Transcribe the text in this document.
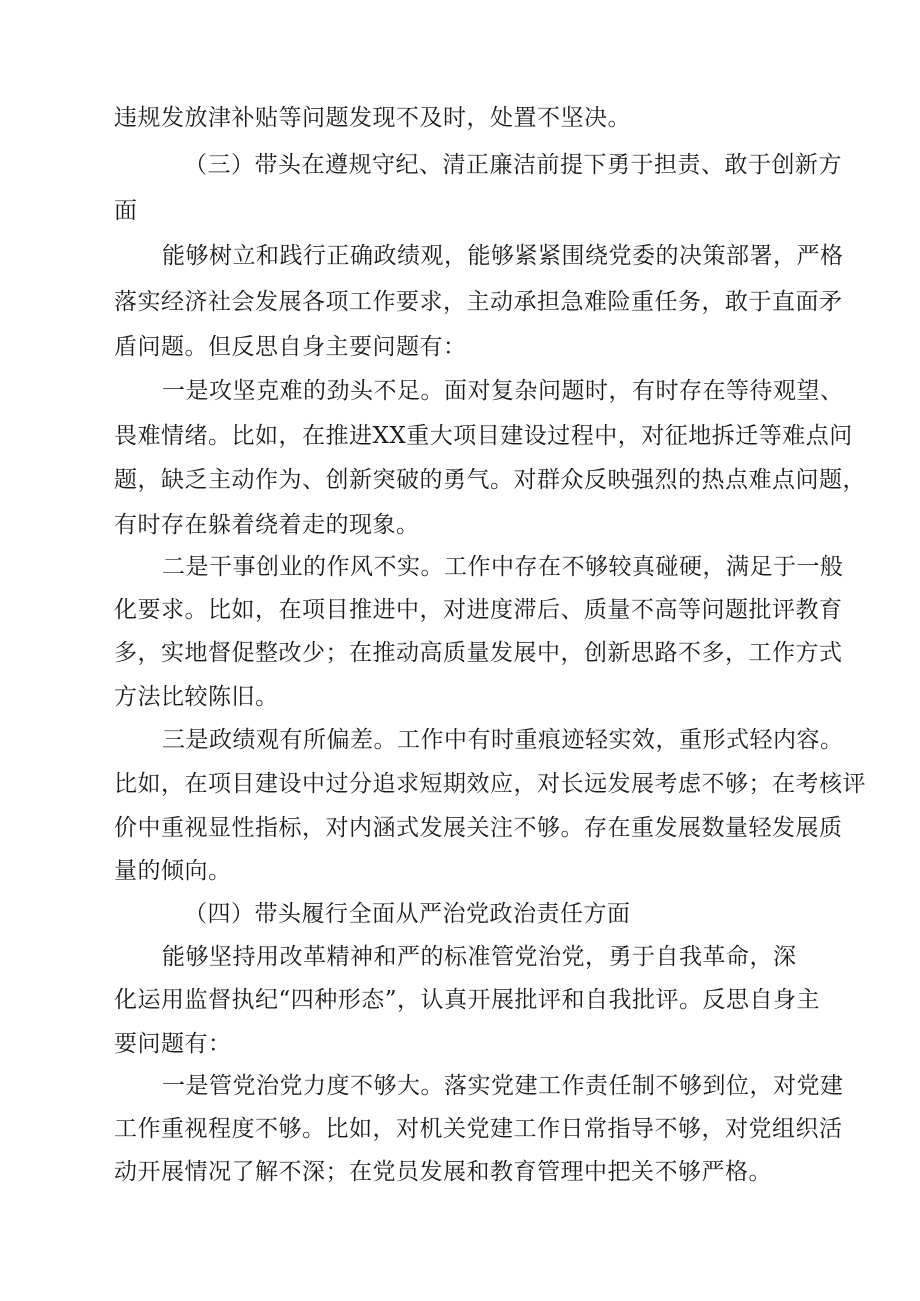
违规发放津补贴等问题发现不及时，处置不坚决。
（三）带头在遵规守纪、清正廉洁前提下勇于担责、敢于创新方
面
能够树立和践行正确政绩观，能够紧紧围绕党委的决策部署，严格
落实经济社会发展各项工作要求，主动承担急难险重任务，敢于直面矛
盾问题。但反思自身主要问题有：
一是攻坚克难的劲头不足。面对复杂问题时，有时存在等待观望、
畏难情绪。比如，在推进XX重大项目建设过程中，对征地拆迁等难点问
题，缺乏主动作为、创新突破的勇气。对群众反映强烈的热点难点问题，
有时存在躲着绕着走的现象。
二是干事创业的作风不实。工作中存在不够较真碰硬，满足于一般
化要求。比如，在项目推进中，对进度滞后、质量不高等问题批评教育
多，实地督促整改少；在推动高质量发展中，创新思路不多，工作方式
方法比较陈旧。
三是政绩观有所偏差。工作中有时重痕迹轻实效，重形式轻内容。
比如，在项目建设中过分追求短期效应，对长远发展考虑不够；在考核评
价中重视显性指标，对内涵式发展关注不够。存在重发展数量轻发展质
量的倾向。
（四）带头履行全面从严治党政治责任方面
能够坚持用改革精神和严的标准管党治党，勇于自我革命，深
化运用监督执纪“四种形态”，认真开展批评和自我批评。反思自身主
要问题有：
一是管党治党力度不够大。落实党建工作责任制不够到位，对党建
工作重视程度不够。比如，对机关党建工作日常指导不够，对党组织活
动开展情况了解不深；在党员发展和教育管理中把关不够严格。
